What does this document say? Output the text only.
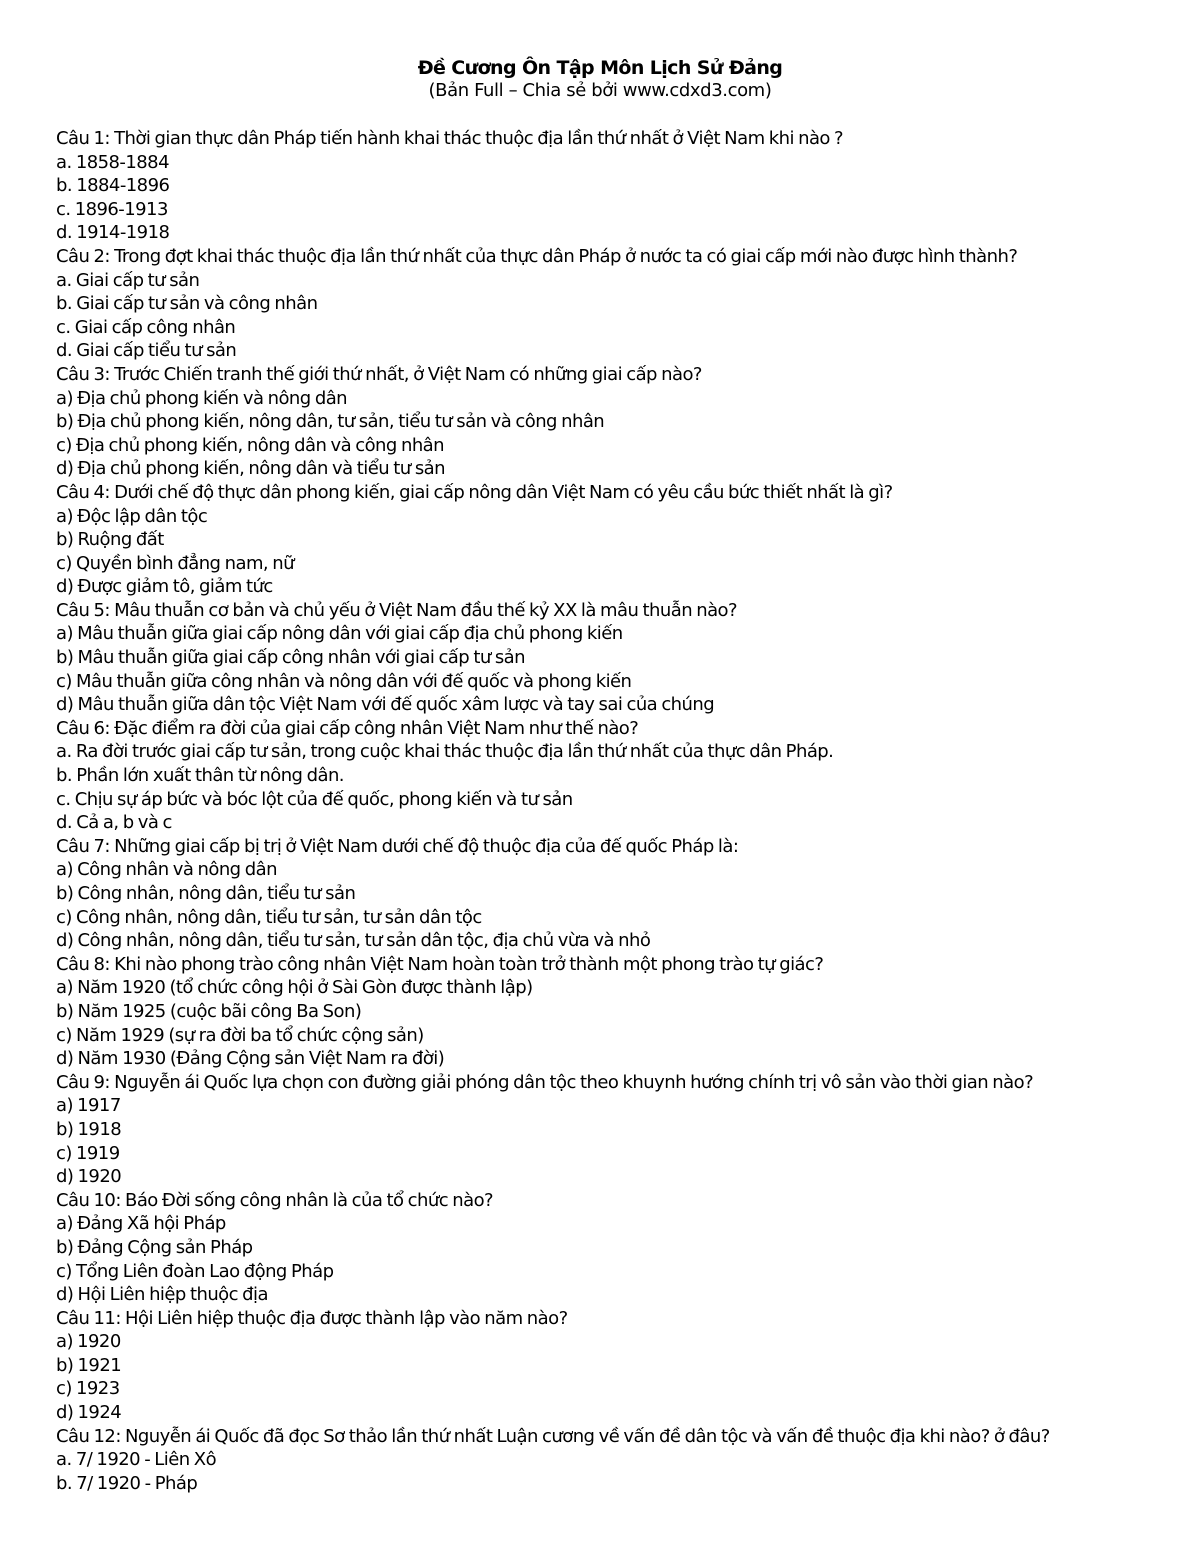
Đề Cương Ôn Tập Môn Lịch Sử Đảng
(Bản Full – Chia sẻ bởi www.cdxd3.com)
Câu 1: Thời gian thực dân Pháp tiến hành khai thác thuộc địa lần thứ nhất ở Việt Nam khi nào ?
a. 1858-1884
b. 1884-1896
c. 1896-1913
d. 1914-1918
Câu 2: Trong đợt khai thác thuộc địa lần thứ nhất của thực dân Pháp ở nước ta có giai cấp mới nào được hình thành?
a. Giai cấp tư sản
b. Giai cấp tư sản và công nhân
c. Giai cấp công nhân
d. Giai cấp tiểu tư sản
Câu 3: Trước Chiến tranh thế giới thứ nhất, ở Việt Nam có những giai cấp nào?
a) Địa chủ phong kiến và nông dân
b) Địa chủ phong kiến, nông dân, tư sản, tiểu tư sản và công nhân
c) Địa chủ phong kiến, nông dân và công nhân
d) Địa chủ phong kiến, nông dân và tiểu tư sản
Câu 4: Dưới chế độ thực dân phong kiến, giai cấp nông dân Việt Nam có yêu cầu bức thiết nhất là gì?
a) Độc lập dân tộc
b) Ruộng đất
c) Quyền bình đẳng nam, nữ
d) Được giảm tô, giảm tức
Câu 5: Mâu thuẫn cơ bản và chủ yếu ở Việt Nam đầu thế kỷ XX là mâu thuẫn nào?
a) Mâu thuẫn giữa giai cấp nông dân với giai cấp địa chủ phong kiến
b) Mâu thuẫn giữa giai cấp công nhân với giai cấp tư sản
c) Mâu thuẫn giữa công nhân và nông dân với đế quốc và phong kiến
d) Mâu thuẫn giữa dân tộc Việt Nam với đế quốc xâm lược và tay sai của chúng
Câu 6: Đặc điểm ra đời của giai cấp công nhân Việt Nam như thế nào?
a. Ra đời trước giai cấp tư sản, trong cuộc khai thác thuộc địa lần thứ nhất của thực dân Pháp.
b. Phần lớn xuất thân từ nông dân.
c. Chịu sự áp bức và bóc lột của đế quốc, phong kiến và tư sản
d. Cả a, b và c
Câu 7: Những giai cấp bị trị ở Việt Nam dưới chế độ thuộc địa của đế quốc Pháp là:
a) Công nhân và nông dân
b) Công nhân, nông dân, tiểu tư sản
c) Công nhân, nông dân, tiểu tư sản, tư sản dân tộc
d) Công nhân, nông dân, tiểu tư sản, tư sản dân tộc, địa chủ vừa và nhỏ
Câu 8: Khi nào phong trào công nhân Việt Nam hoàn toàn trở thành một phong trào tự giác?
a) Năm 1920 (tổ chức công hội ở Sài Gòn được thành lập)
b) Năm 1925 (cuộc bãi công Ba Son)
c) Năm 1929 (sự ra đời ba tổ chức cộng sản)
d) Năm 1930 (Đảng Cộng sản Việt Nam ra đời)
Câu 9: Nguyễn ái Quốc lựa chọn con đường giải phóng dân tộc theo khuynh hướng chính trị vô sản vào thời gian nào?
a) 1917
b) 1918
c) 1919
d) 1920
Câu 10: Báo Đời sống công nhân là của tổ chức nào?
a) Đảng Xã hội Pháp
b) Đảng Cộng sản Pháp
c) Tổng Liên đoàn Lao động Pháp
d) Hội Liên hiệp thuộc địa
Câu 11: Hội Liên hiệp thuộc địa được thành lập vào năm nào?
a) 1920
b) 1921
c) 1923
d) 1924
Câu 12: Nguyễn ái Quốc đã đọc Sơ thảo lần thứ nhất Luận cương về vấn đề dân tộc và vấn đề thuộc địa khi nào? ở đâu?
a. 7/ 1920 - Liên Xô
b. 7/ 1920 - Pháp
